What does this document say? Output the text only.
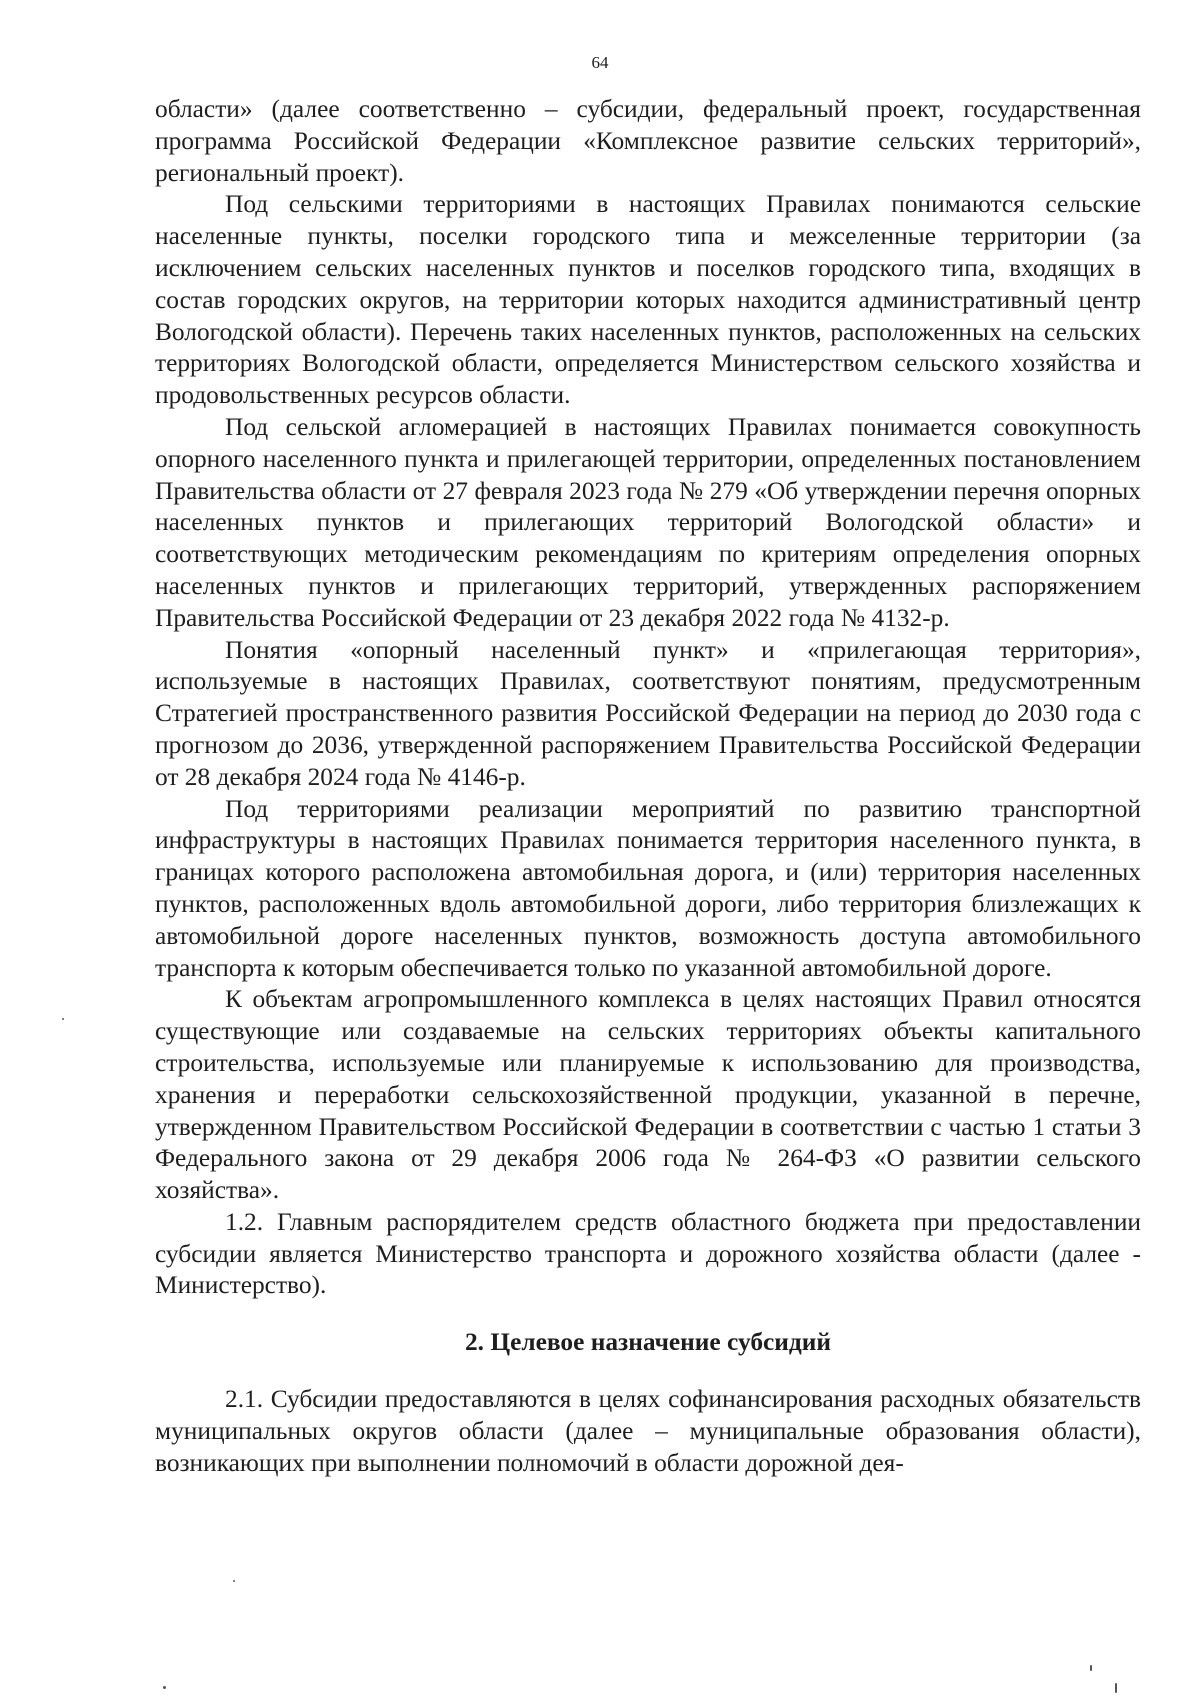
64

области» (далее соответственно – субсидии, федеральный проект, государственная программа Российской Федерации «Комплексное развитие сельских территорий», региональный проект).

Под сельскими территориями в настоящих Правилах понимаются сельские населенные пункты, поселки городского типа и межселенные территории (за исключением сельских населенных пунктов и поселков городского типа, входящих в состав городских округов, на территории которых находится административный центр Вологодской области). Перечень таких населенных пунктов, расположенных на сельских территориях Вологодской области, определяется Министерством сельского хозяйства и продовольственных ресурсов области.

Под сельской агломерацией в настоящих Правилах понимается совокупность опорного населенного пункта и прилегающей территории, определенных постановлением Правительства области от 27 февраля 2023 года № 279 «Об утверждении перечня опорных населенных пунктов и прилегающих территорий Вологодской области» и соответствующих методическим рекомендациям по критериям определения опорных населенных пунктов и прилегающих территорий, утвержденных распоряжением Правительства Российской Федерации от 23 декабря 2022 года № 4132-р.

Понятия «опорный населенный пункт» и «прилегающая территория», используемые в настоящих Правилах, соответствуют понятиям, предусмотренным Стратегией пространственного развития Российской Федерации на период до 2030 года с прогнозом до 2036, утвержденной распоряжением Правительства Российской Федерации от 28 декабря 2024 года № 4146-р.

Под территориями реализации мероприятий по развитию транспортной инфраструктуры в настоящих Правилах понимается территория населенного пункта, в границах которого расположена автомобильная дорога, и (или) территория населенных пунктов, расположенных вдоль автомобильной дороги, либо территория близлежащих к автомобильной дороге населенных пунктов, возможность доступа автомобильного транспорта к которым обеспечивается только по указанной автомобильной дороге.

К объектам агропромышленного комплекса в целях настоящих Правил относятся существующие или создаваемые на сельских территориях объекты капитального строительства, используемые или планируемые к использованию для производства, хранения и переработки сельскохозяйственной продукции, указанной в перечне, утвержденном Правительством Российской Федерации в соответствии с частью 1 статьи 3 Федерального закона от 29 декабря 2006 года № 264-ФЗ «О развитии сельского хозяйства».

1.2. Главным распорядителем средств областного бюджета при предоставлении субсидии является Министерство транспорта и дорожного хозяйства области (далее - Министерство).

2. Целевое назначение субсидий

2.1. Субсидии предоставляются в целях софинансирования расходных обязательств муниципальных округов области (далее – муниципальные образования области), возникающих при выполнении полномочий в области дорожной дея-
